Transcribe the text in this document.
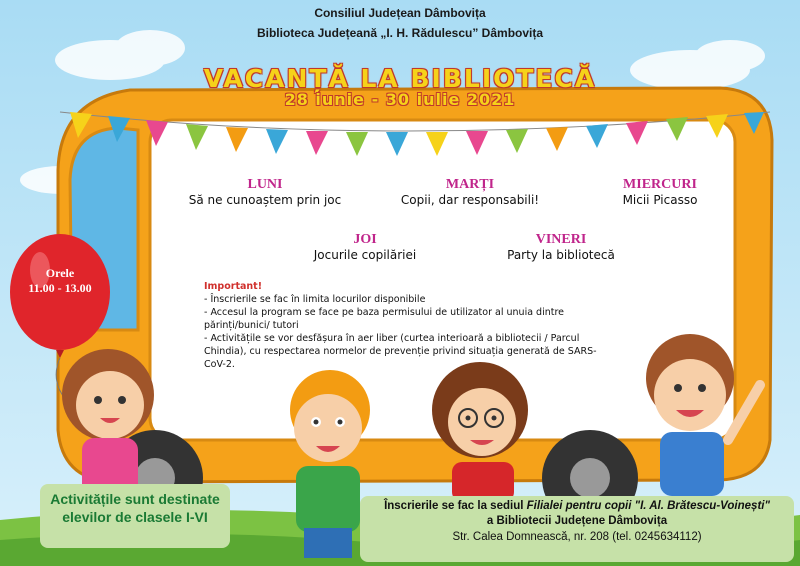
Consiliul Județean Dâmbovița
Biblioteca Județeană „I. H. Rădulescu” Dâmbovița
VACANȚĂ LA BIBLIOTECĂ
28 iunie - 30 iulie 2021
LUNI
Să ne cunoaștem prin joc
MARȚI
Copii, dar responsabili!
MIERCURI
Micii Picasso
JOI
Jocurile copilăriei
VINERI
Party la bibliotecă
Important!
- Înscrierile se fac în limita locurilor disponibile
- Accesul la program se face pe baza permisului de utilizator al unuia dintre părinți/bunici/ tutori
- Activitățile se vor desfășura în aer liber (curtea interioară a bibliotecii / Parcul Chindia), cu respectarea normelor de prevenție privind situația generată de SARS-CoV-2.
Orele
11.00 - 13.00
Activitățile sunt destinate elevilor de clasele I-VI
Înscrierile se fac la sediul Filialei pentru copii "I. Al. Brătescu-Voinești"
a Bibliotecii Județene Dâmbovița
Str. Calea Domnească, nr. 208 (tel. 0245634112)
